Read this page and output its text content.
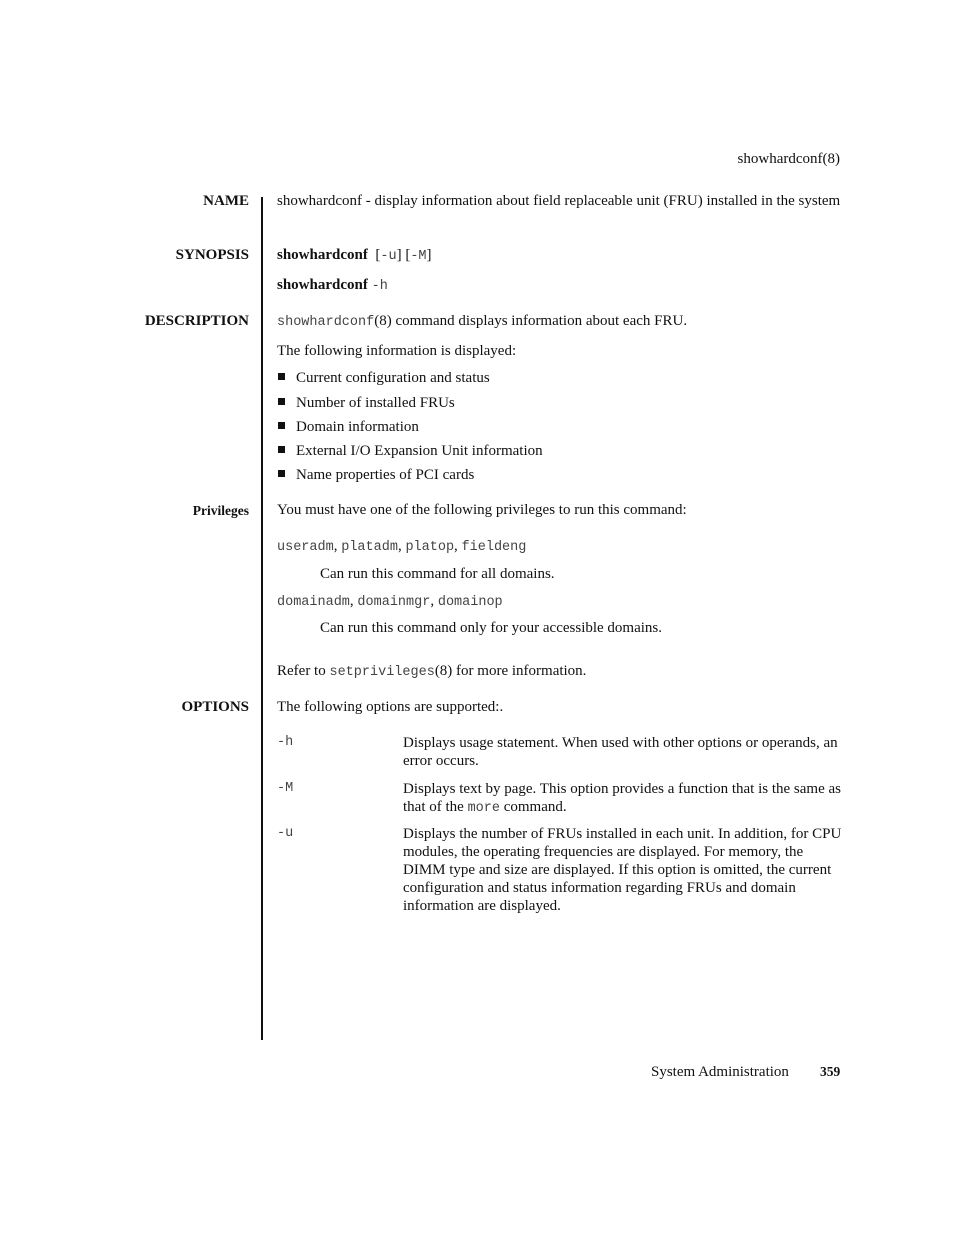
showhardconf(8)
NAME showhardconf - display information about field replaceable unit (FRU) installed in the system
SYNOPSIS showhardconf [-u] [-M]
showhardconf -h
DESCRIPTION showhardconf(8) command displays information about each FRU.
The following information is displayed:
Current configuration and status
Number of installed FRUs
Domain information
External I/O Expansion Unit information
Name properties of PCI cards
Privileges You must have one of the following privileges to run this command:
useradm, platadm, platop, fieldeng
Can run this command for all domains.
domainadm, domainmgr, domainop
Can run this command only for your accessible domains.
Refer to setprivileges(8) for more information.
OPTIONS The following options are supported:.
-h	Displays usage statement. When used with other options or operands, an error occurs.
-M	Displays text by page. This option provides a function that is the same as that of the more command.
-u	Displays the number of FRUs installed in each unit. In addition, for CPU modules, the operating frequencies are displayed. For memory, the DIMM type and size are displayed. If this option is omitted, the current configuration and status information regarding FRUs and domain information are displayed.
System Administration 359
